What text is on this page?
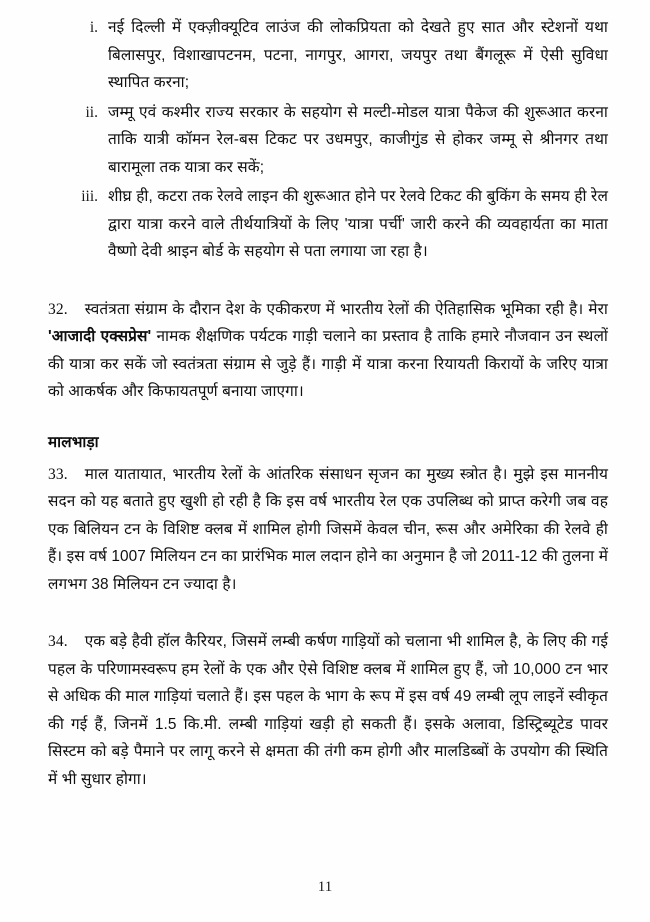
i. नई दिल्ली में एक्ज़ीक्यूटिव लाउंज की लोकप्रियता को देखते हुए सात और स्टेशनों यथा बिलासपुर, विशाखापटनम, पटना, नागपुर, आगरा, जयपुर तथा बैंगलूरू में ऐसी सुविधा स्थापित करना;
ii. जम्मू एवं कश्मीर राज्य सरकार के सहयोग से मल्टी-मोडल यात्रा पैकेज की शुरूआत करना ताकि यात्री कॉमन रेल-बस टिकट पर उधमपुर, काजीगुंड से होकर जम्मू से श्रीनगर तथा बारामूला तक यात्रा कर सकें;
iii. शीघ्र ही, कटरा तक रेलवे लाइन की शुरूआत होने पर रेलवे टिकट की बुकिंग के समय ही रेल द्वारा यात्रा करने वाले तीर्थयात्रियों के लिए 'यात्रा पर्ची' जारी करने की व्यवहार्यता का माता वैष्णो देवी श्राइन बोर्ड के सहयोग से पता लगाया जा रहा है।

32. स्वतंत्रता संग्राम के दौरान देश के एकीकरण में भारतीय रेलों की ऐतिहासिक भूमिका रही है। मेरा 'आजादी एक्सप्रेस' नामक शैक्षणिक पर्यटक गाड़ी चलाने का प्रस्ताव है ताकि हमारे नौजवान उन स्थलों की यात्रा कर सकें जो स्वतंत्रता संग्राम से जुड़े हैं। गाड़ी में यात्रा करना रियायती किरायों के जरिए यात्रा को आकर्षक और किफायतपूर्ण बनाया जाएगा।

मालभाड़ा

33. माल यातायात, भारतीय रेलों के आंतरिक संसाधन सृजन का मुख्य स्त्रोत है। मुझे इस माननीय सदन को यह बताते हुए खुशी हो रही है कि इस वर्ष भारतीय रेल एक उपलिब्ध को प्राप्त करेगी जब वह एक बिलियन टन के विशिष्ट क्लब में शामिल होगी जिसमें केवल चीन, रूस और अमेरिका की रेलवे ही हैं। इस वर्ष 1007 मिलियन टन का प्रारंभिक माल लदान होने का अनुमान है जो 2011-12 की तुलना में लगभग 38 मिलियन टन ज्यादा है।

34. एक बड़े हैवी हॉल कैरियर, जिसमें लम्बी कर्षण गाड़ियों को चलाना भी शामिल है, के लिए की गई पहल के परिणामस्वरूप हम रेलों के एक और ऐसे विशिष्ट क्लब में शामिल हुए हैं, जो 10,000 टन भार से अधिक की माल गाड़ियां चलाते हैं। इस पहल के भाग के रूप में इस वर्ष 49 लम्बी लूप लाइनें स्वीकृत की गई हैं, जिनमें 1.5 कि.मी. लम्बी गाड़ियां खड़ी हो सकती हैं। इसके अलावा, डिस्ट्रिब्यूटेड पावर सिस्टम को बड़े पैमाने पर लागू करने से क्षमता की तंगी कम होगी और मालडिब्बों के उपयोग की स्थिति में भी सुधार होगा।

11
